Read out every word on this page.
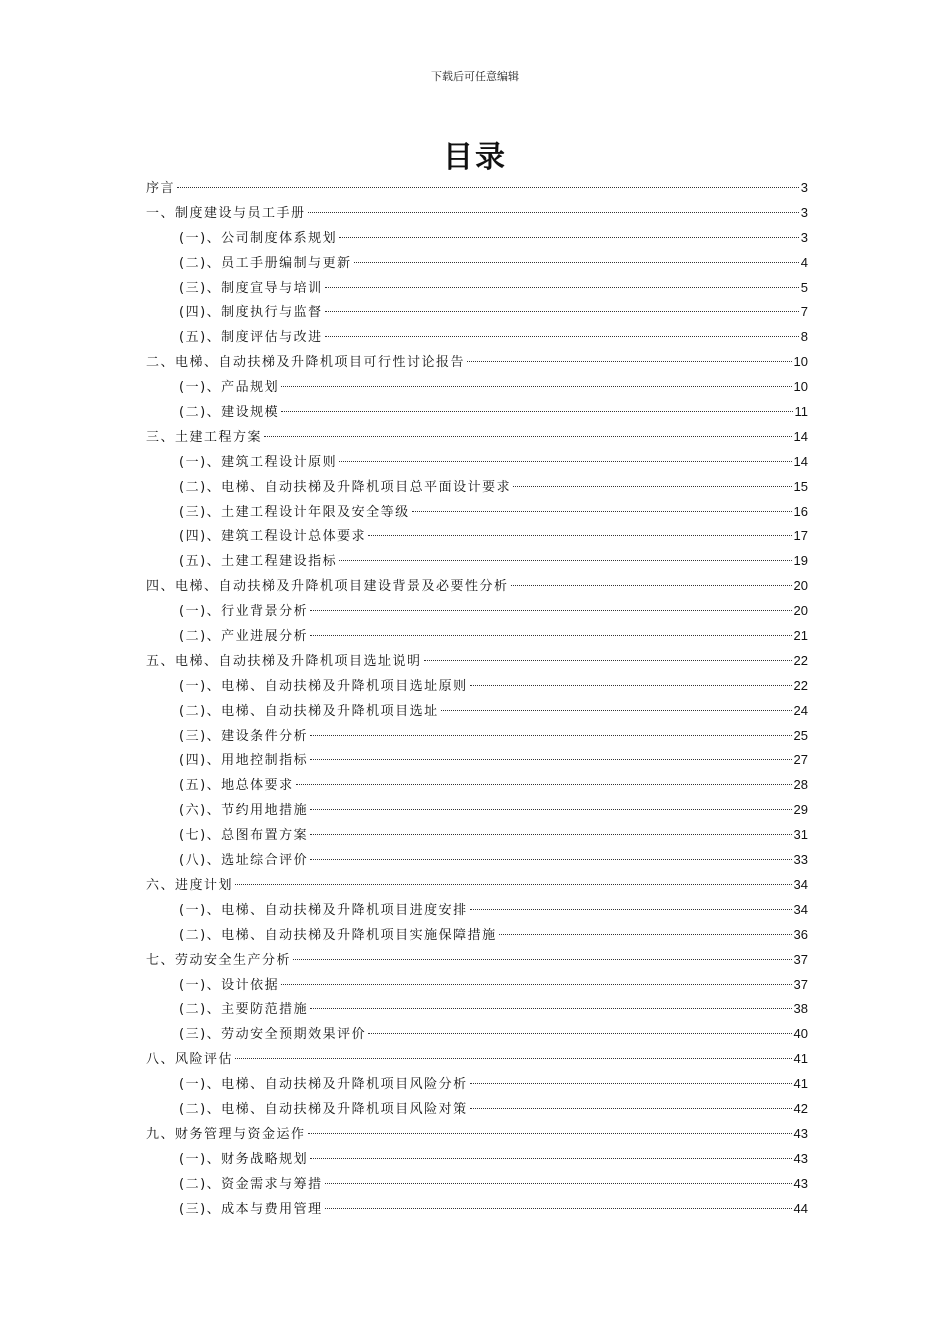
下载后可任意编辑
目录
序言	3
一、制度建设与员工手册	3
(一)、公司制度体系规划	3
(二)、员工手册编制与更新	4
(三)、制度宣导与培训	5
(四)、制度执行与监督	7
(五)、制度评估与改进	8
二、电梯、自动扶梯及升降机项目可行性讨论报告	10
(一)、产品规划	10
(二)、建设规模	11
三、土建工程方案	14
(一)、建筑工程设计原则	14
(二)、电梯、自动扶梯及升降机项目总平面设计要求	15
(三)、土建工程设计年限及安全等级	16
(四)、建筑工程设计总体要求	17
(五)、土建工程建设指标	19
四、电梯、自动扶梯及升降机项目建设背景及必要性分析	20
(一)、行业背景分析	20
(二)、产业进展分析	21
五、电梯、自动扶梯及升降机项目选址说明	22
(一)、电梯、自动扶梯及升降机项目选址原则	22
(二)、电梯、自动扶梯及升降机项目选址	24
(三)、建设条件分析	25
(四)、用地控制指标	27
(五)、地总体要求	28
(六)、节约用地措施	29
(七)、总图布置方案	31
(八)、选址综合评价	33
六、进度计划	34
(一)、电梯、自动扶梯及升降机项目进度安排	34
(二)、电梯、自动扶梯及升降机项目实施保障措施	36
七、劳动安全生产分析	37
(一)、设计依据	37
(二)、主要防范措施	38
(三)、劳动安全预期效果评价	40
八、风险评估	41
(一)、电梯、自动扶梯及升降机项目风险分析	41
(二)、电梯、自动扶梯及升降机项目风险对策	42
九、财务管理与资金运作	43
(一)、财务战略规划	43
(二)、资金需求与筹措	43
(三)、成本与费用管理	44
